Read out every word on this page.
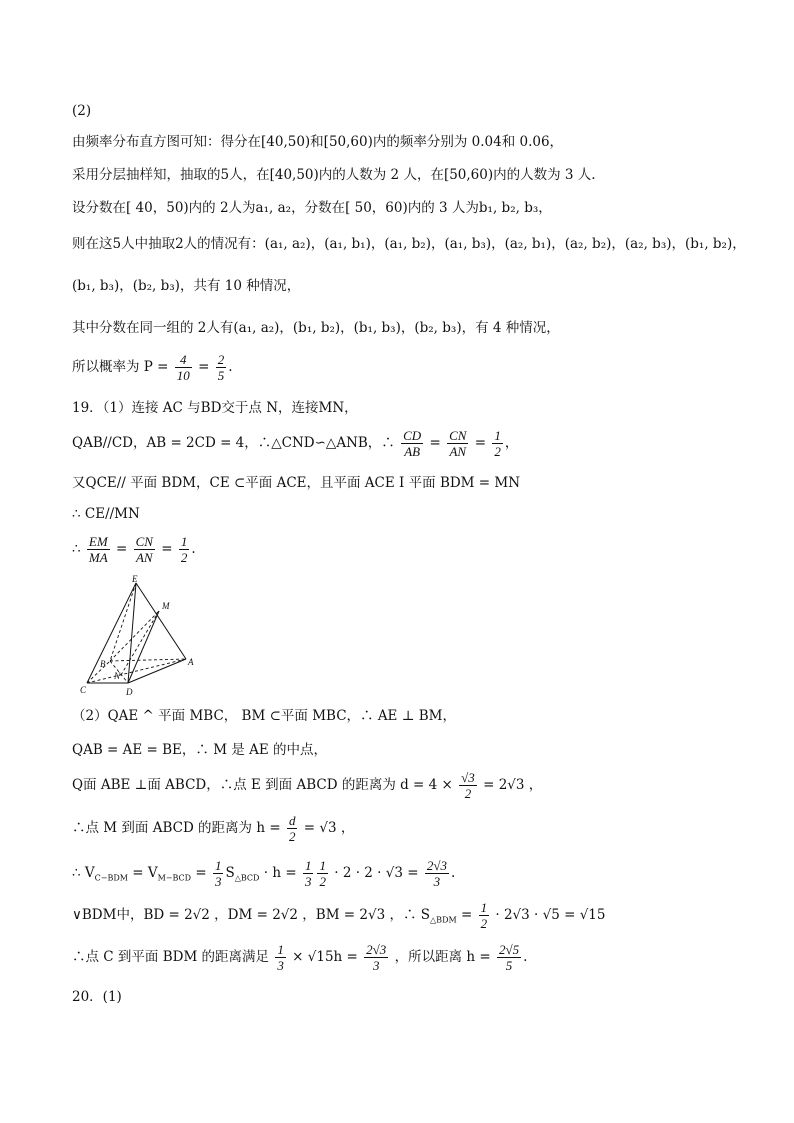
(2)
由频率分布直方图可知：得分在[40,50)和[50,60)内的频率分别为 0.04和 0.06，
采用分层抽样知，抽取的5人，在[40,50)内的人数为 2 人，在[50,60)内的人数为 3 人.
设分数在[ 40，50)内的 2人为a₁, a₂，分数在[ 50，60)内的 3 人为b₁, b₂, b₃，
则在这5人中抽取2人的情况有：(a₁, a₂)，(a₁, b₁)，(a₁, b₂)，(a₁, b₃)，(a₂, b₁)，(a₂, b₂)，(a₂, b₃)，(b₁, b₂)，
(b₁, b₃)，(b₂, b₃)，共有 10 种情况，
其中分数在同一组的 2人有(a₁, a₂)，(b₁, b₂)，(b₁, b₃)，(b₂, b₃)，有 4 种情况，
所以概率为 $P = \frac{4}{10} = \frac{2}{5}$ .
19．（1）连接 AC 与BD交于点 N，连接MN，
QAB//CD，AB = 2CD = 4，∴△CND∽△ANB，∴ $\frac{CD}{AB} = \frac{CN}{AN} = \frac{1}{2}$ ，
又QCE// 平面 BDM，CE ⊂平面 ACE，且平面 ACE I 平面 BDM = MN
∴ CE//MN
∴ $\frac{EM}{MA} = \frac{CN}{AN} = \frac{1}{2}$ .
E
M
B
N
A
C	D
（2）QAE ^ 平面 MBC， BM ⊂平面 MBC，∴ AE ⊥ BM，
QAB = AE = BE，∴ M 是 AE 的中点，
Q面 ABE ⊥面 ABCD，∴点 E 到面 ABCD 的距离为 $d = 4 \times \frac{√3}{2} = 2√3$ ，
∴点 M 到面 ABCD 的距离为 $h = \frac{d}{2} = √3$ ，
∴ $V_{C-BDM} = V_{M-BCD} = \frac{1}{3} S_{\triangle BCD} \cdot h = \frac{1}{3} \frac{1}{2} \cdot 2 \cdot 2 \cdot √3 = \frac{2√3}{3}$ .
∨BDM中，BD = 2√2 ，DM = 2√2 ，BM = 2√3 ，∴ $S_{\triangle BDM} = \frac{1}{2} \cdot 2√3 \cdot √5 = √15$
∴点 C 到平面 BDM 的距离满足 $\frac{1}{3} \times √15h = \frac{2√3}{3}$ ，所以距离 $h = \frac{2√5}{5}$ .
20．(1)
